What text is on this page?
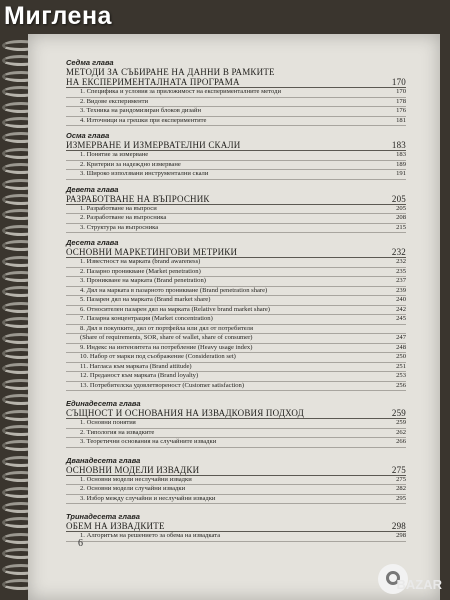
Седма глава
МЕТОДИ ЗА СЪБИРАНЕ НА ДАННИ В РАМКИТЕ
НА ЕКСПЕРИМЕНТАЛНАТА ПРОГРАМА	170
1. Специфика и условия за приложимост на експерименталните методи	170
2. Видове експерименти	178
3. Техника на рандомизиран блоков дизайн	176
4. Източници на грешки при експериментите	181
Осма глава
ИЗМЕРВАНЕ И ИЗМЕРВАТЕЛНИ СКАЛИ	183
1. Понятие за измерване	183
2. Критерии за надеждно измерване	189
3. Широко използвани инструментални скали	191
Девета глава
РАЗРАБОТВАНЕ НА ВЪПРОСНИК	205
1. Разработване на въпроси	205
2. Разработване на въпросника	208
3. Структура на въпросника	215
Десета глава
ОСНОВНИ МАРКЕТИНГОВИ МЕТРИКИ	232
1. Известност на марката (brand awareness)	232
2. Пазарно проникване (Market penetration)	235
3. Проникване на марката (Brand penetration)	237
4. Дял на марката в пазарното проникване (Brand penetration share)	239
5. Пазарен дял на марката (Brand market share)	240
6. Относителен пазарен дял на марката (Relative brand market share)	242
7. Пазарна концентрация (Market concentration)	245
8. Дял в покупките, дял от портфейла или дял от потребителя
(Share of requirements, SOR, share of wallet, share of consumer)	247
9. Индекс на интензитета на потребление (Heavy usage index)	248
10. Набор от марки под съображение (Consideration set)	250
11. Нагласа към марката (Brand attitude)	251
12. Преданост към марката (Brand loyalty)	253
13. Потребителска удовлетвореност (Customer satisfaction)	256
Единадесета глава
СЪЩНОСТ И ОСНОВАНИЯ НА ИЗВАДКОВИЯ ПОДХОД	259
1. Основни понятия	259
2. Типология на извадките	262
3. Теоретични основания на случайните извадки	266
Дванадесета глава
ОСНОВНИ МОДЕЛИ ИЗВАДКИ	275
1. Основни модели неслучайни извадки	275
2. Основни модели случайни извадки	282
3. Избор между случайни и неслучайни извадки	295
Тринадесета глава
ОБЕМ НА ИЗВАДКИТЕ	298
1. Алгоритъм на решението за обема на извадката	298
6
Миглена
BAZAR
